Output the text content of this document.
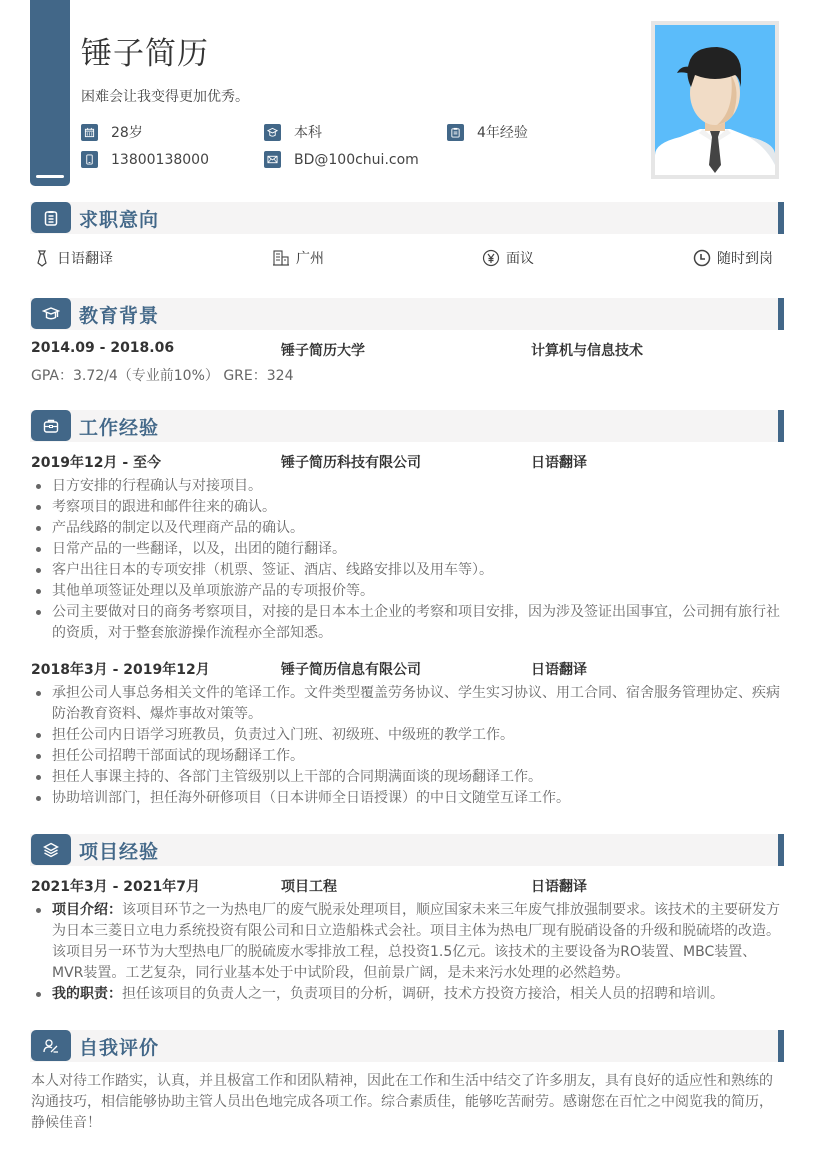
锤子简历
困难会让我变得更加优秀。
28岁	本科	4年经验
13800138000	BD@100chui.com
求职意向
日语翻译	广州	面议	随时到岗
教育背景
2014.09 - 2018.06	锤子简历大学	计算机与信息技术
GPA：3.72/4（专业前10%） GRE：324
工作经验
2019年12月 - 至今	锤子简历科技有限公司	日语翻译
日方安排的行程确认与对接项目。
考察项目的跟进和邮件往来的确认。
产品线路的制定以及代理商产品的确认。
日常产品的一些翻译，以及，出团的随行翻译。
客户出往日本的专项安排（机票、签证、酒店、线路安排以及用车等）。
其他单项签证处理以及单项旅游产品的专项报价等。
公司主要做对日的商务考察项目，对接的是日本本土企业的考察和项目安排，因为涉及签证出国事宜，公司拥有旅行社的资质，对于整套旅游操作流程亦全部知悉。
2018年3月 - 2019年12月	锤子简历信息有限公司	日语翻译
承担公司人事总务相关文件的笔译工作。文件类型覆盖劳务协议、学生实习协议、用工合同、宿舍服务管理协定、疾病防治教育资料、爆炸事故对策等。
担任公司内日语学习班教员，负责过入门班、初级班、中级班的教学工作。
担任公司招聘干部面试的现场翻译工作。
担任人事课主持的、各部门主管级别以上干部的合同期满面谈的现场翻译工作。
协助培训部门，担任海外研修项目（日本讲师全日语授课）的中日文随堂互译工作。
项目经验
2021年3月 - 2021年7月	项目工程	日语翻译
项目介绍：该项目环节之一为热电厂的废气脱汞处理项目，顺应国家未来三年废气排放强制要求。该技术的主要研发方为日本三菱日立电力系统投资有限公司和日立造船株式会社。项目主体为热电厂现有脱硝设备的升级和脱硫塔的改造。该项目另一环节为大型热电厂的脱硫废水零排放工程，总投资1.5亿元。该技术的主要设备为RO装置、MBC装置、MVR装置。工艺复杂，同行业基本处于中试阶段，但前景广阔，是未来污水处理的必然趋势。
我的职责：担任该项目的负责人之一，负责项目的分析，调研，技术方投资方接洽，相关人员的招聘和培训。
自我评价
本人对待工作踏实，认真，并且极富工作和团队精神，因此在工作和生活中结交了许多朋友，具有良好的适应性和熟练的沟通技巧，相信能够协助主管人员出色地完成各项工作。综合素质佳，能够吃苦耐劳。感谢您在百忙之中阅览我的简历，静候佳音！
